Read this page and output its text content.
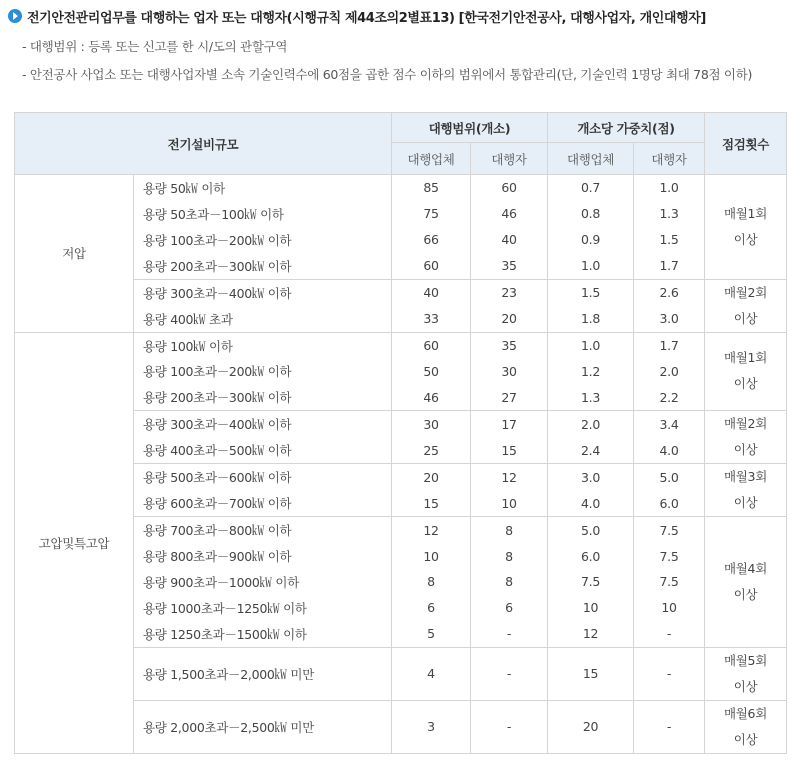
전기안전관리업무를 대행하는 업자 또는 대행자(시행규칙 제44조의2별표13) [한국전기안전공사, 대행사업자, 개인대행자]
- 대행범위 : 등록 또는 신고를 한 시/도의 관할구역
- 안전공사 사업소 또는 대행사업자별 소속 기술인력수에 60점을 곱한 점수 이하의 범위에서 통합관리(단, 기술인력 1명당 최대 78점 이하)
전기설비규모		대행범위(개소)		개소당 가중치(점)		점검횟수
		대행업체	대행자	대행업체	대행자	
저압	용량 50㎾ 이하	85	60	0.7	1.0	매월1회
이상

	용량 50초과－100㎾ 이하	75	46	0.8	1.3	
	용량 100초과－200㎾ 이하	66	40	0.9	1.5	
	용량 200초과－300㎾ 이하	60	35	1.0	1.7	
	용량 300초과－400㎾ 이하	40	23	1.5	2.6	매월2회
이상

	용량 400㎾ 초과	33	20	1.8	3.0	
고압및특고압	용량 100㎾ 이하	60	35	1.0	1.7	매월1회
이상

	용량 100초과－200㎾ 이하	50	30	1.2	2.0	
	용량 200초과－300㎾ 이하	46	27	1.3	2.2	
	용량 300초과－400㎾ 이하	30	17	2.0	3.4	매월2회
이상

	용량 400초과－500㎾ 이하	25	15	2.4	4.0	
	용량 500초과－600㎾ 이하	20	12	3.0	5.0	매월3회
이상

	용량 600초과－700㎾ 이하	15	10	4.0	6.0	
	용량 700초과－800㎾ 이하	12	8	5.0	7.5	매월4회
이상

	용량 800초과－900㎾ 이하	10	8	6.0	7.5	
	용량 900초과－1000㎾ 이하	8	8	7.5	7.5	
	용량 1000초과－1250㎾ 이하	6	6	10	10	
	용량 1250초과－1500㎾ 이하	5	-	12	-	
	용량 1,500초과－2,000㎾ 미만	4	-	15	-	매월5회
이상

	용량 2,000초과－2,500㎾ 미만	3	-	20	-	매월6회
이상
